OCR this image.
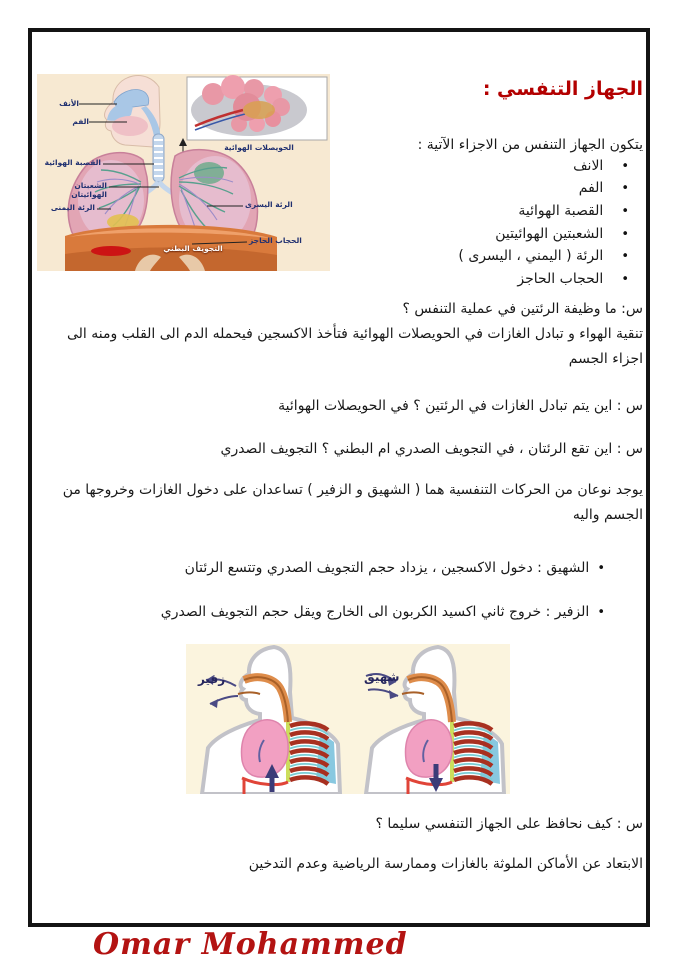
الأنف
الفم
القصبة الهوائية
الشعبتان الهوائيتان
الرئة اليمنى
الحويصلات الهوائية
الرئة اليسرى
الحجاب الحاجز
التجويف البطني
الجهاز التنفسي :
يتكون الجهاز التنفس من الاجزاء الآتية :
•
الانف
•
الفم
•
القصبة الهوائية
•
الشعبتين الهوائيتين
•
الرئة ( اليمني ، اليسرى )
•
الحجاب الحاجز
س: ما وظيفة الرئتين في عملية التنفس ؟
تنقية الهواء و تبادل الغازات في الحويصلات الهوائية فتأخذ الاكسجين فيحمله الدم الى القلب ومنه الى اجزاء الجسم
س : اين يتم تبادل الغازات في الرئتين ؟ في الحويصلات الهوائية
س : اين تقع الرئتان ، في التجويف الصدري ام البطني ؟ التجويف الصدري
يوجد نوعان من الحركات التنفسية هما ( الشهيق و الزفير ) تساعدان على دخول الغازات وخروجها من الجسم واليه
•
الشهيق : دخول الاكسجين ، يزداد حجم التجويف الصدري وتتسع الرئتان
•
الزفير : خروج ثاني اكسيد الكربون الى الخارج ويقل حجم التجويف الصدري
زفير	شهيق
س : كيف نحافظ على الجهاز التنفسي سليما ؟
الابتعاد عن الأماكن الملوثة بالغازات وممارسة الرياضية وعدم التدخين
Omar Mohammed
